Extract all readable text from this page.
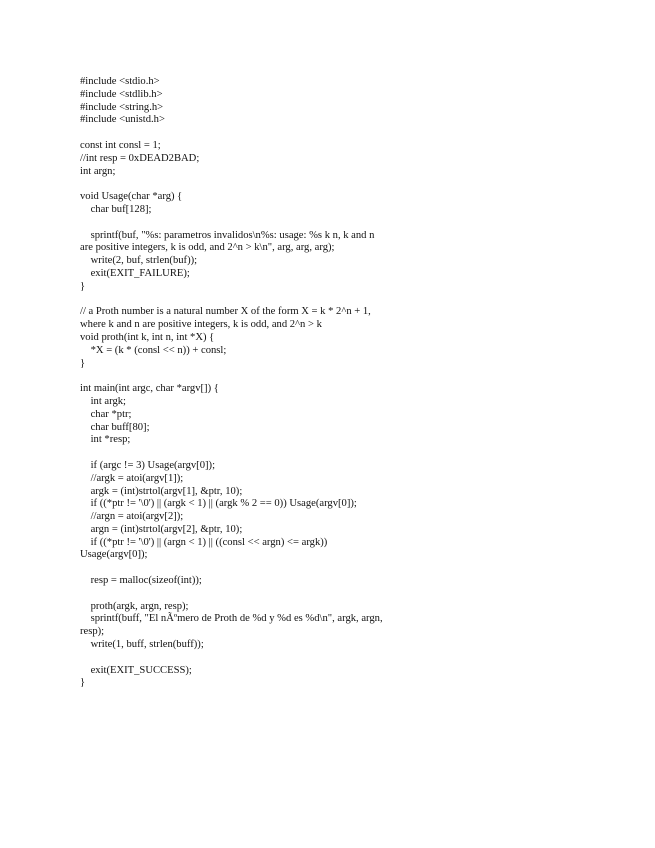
#include <stdio.h>
#include <stdlib.h>
#include <string.h>
#include <unistd.h>
const int consl = 1;
//int resp = 0xDEAD2BAD;
int argn;
void Usage(char *arg) {
char buf[128];
sprintf(buf, "%s: parametros invalidos\n%s: usage: %s k n, k and n
are positive integers, k is odd, and 2^n > k\n", arg, arg, arg);
write(2, buf, strlen(buf));
exit(EXIT_FAILURE);
}
// a Proth number is a natural number X of the form X = k * 2^n + 1,
where k and n are positive integers, k is odd, and 2^n > k
void proth(int k, int n, int *X) {
*X = (k * (consl << n)) + consl;
}
int main(int argc, char *argv[]) {
int argk;
char *ptr;
char buff[80];
int *resp;
if (argc != 3) Usage(argv[0]);
//argk = atoi(argv[1]);
argk = (int)strtol(argv[1], &ptr, 10);
if ((*ptr != '\0') || (argk < 1) || (argk % 2 == 0)) Usage(argv[0]);
//argn = atoi(argv[2]);
argn = (int)strtol(argv[2], &ptr, 10);
if ((*ptr != '\0') || (argn < 1) || ((consl << argn) <= argk))
Usage(argv[0]);
resp = malloc(sizeof(int));
proth(argk, argn, resp);
sprintf(buff, "El nÃºmero de Proth de %d y %d es %d\n", argk, argn,
resp);
write(1, buff, strlen(buff));
exit(EXIT_SUCCESS);
}
